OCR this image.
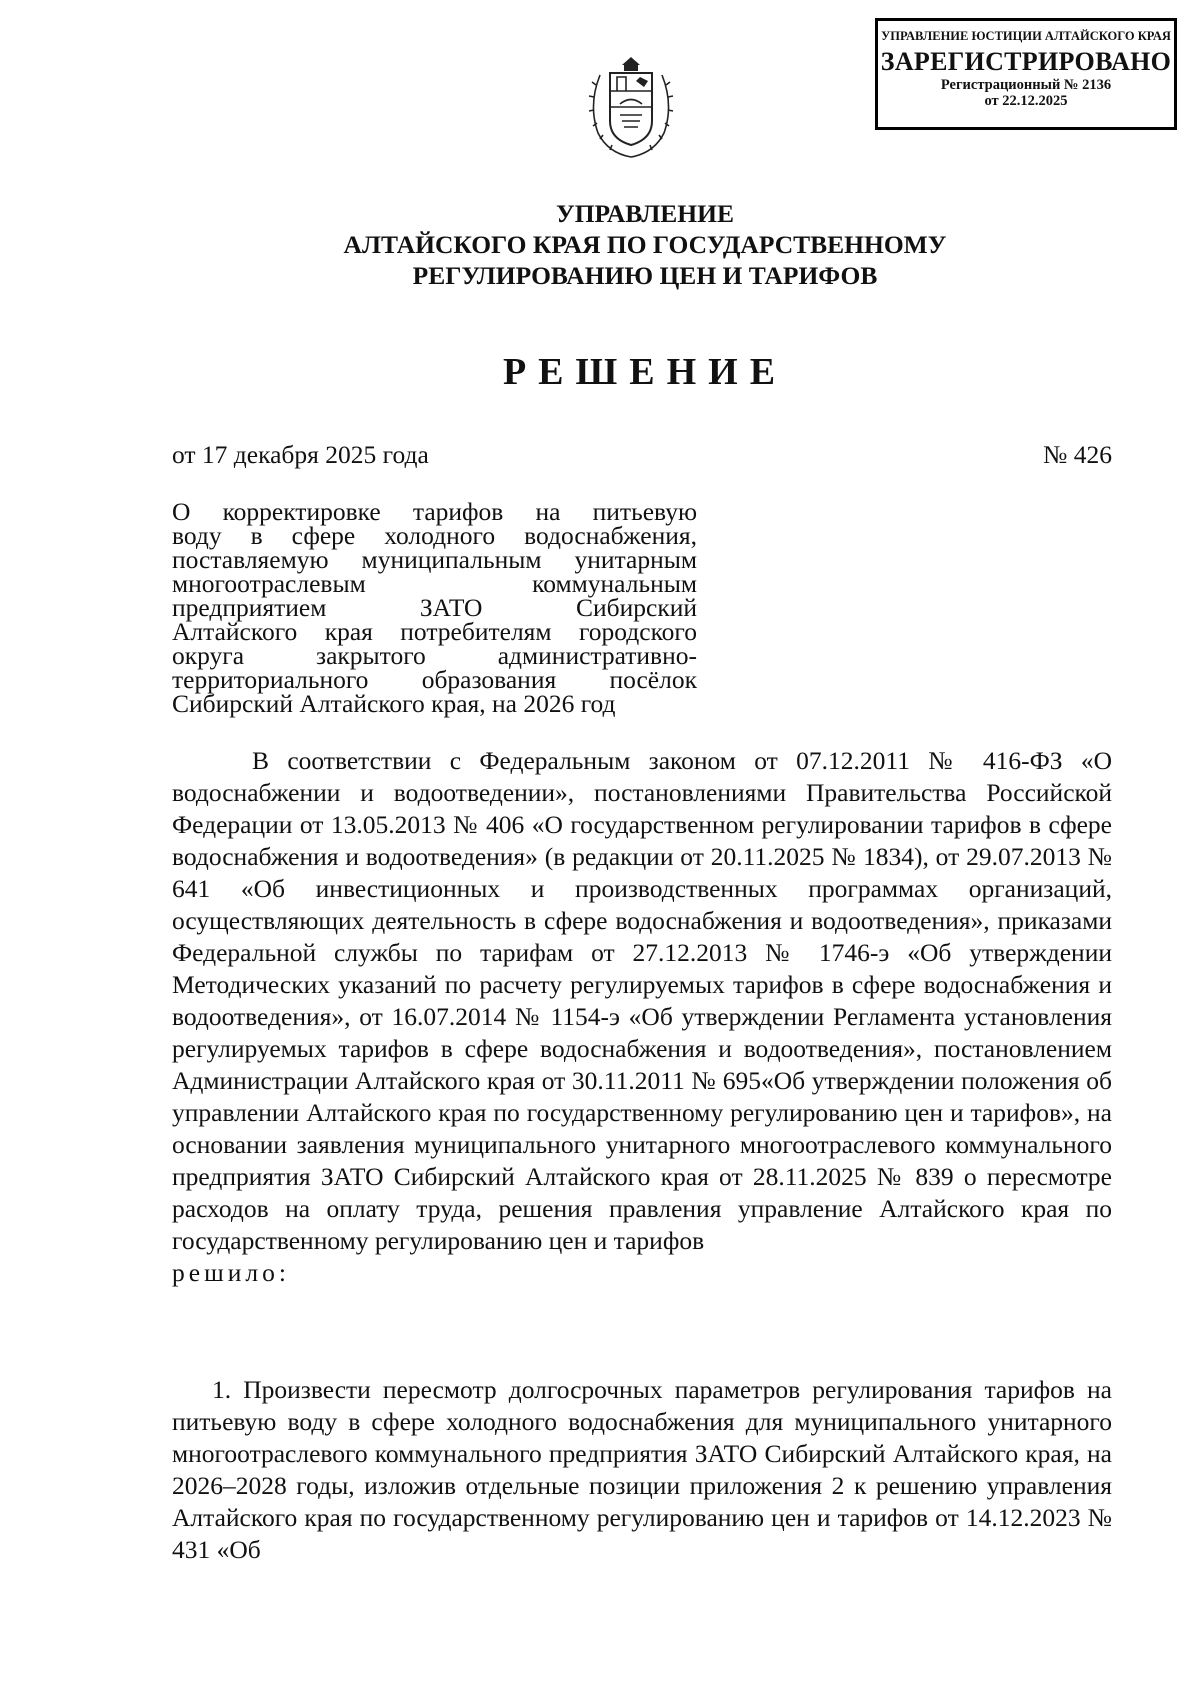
УПРАВЛЕНИЕ ЮСТИЦИИ АЛТАЙСКОГО КРАЯ
ЗАРЕГИСТРИРОВАНО
Регистрационный № 2136
от 22.12.2025
УПРАВЛЕНИЕ
АЛТАЙСКОГО КРАЯ ПО ГОСУДАРСТВЕННОМУ
РЕГУЛИРОВАНИЮ ЦЕН И ТАРИФОВ
РЕШЕНИЕ
от 17 декабря 2025 года	№ 426
О корректировке тарифов на питьевую
воду в сфере холодного водоснабжения,
поставляемую муниципальным унитарным
многоотраслевым коммунальным
предприятием ЗАТО Сибирский
Алтайского края потребителям городского
округа закрытого административно-
территориального образования посёлок
Сибирский Алтайского края, на 2026 год

В соответствии с Федеральным законом от 07.12.2011 № 416-ФЗ «О водоснабжении и водоотведении», постановлениями Правительства Российской Федерации от 13.05.2013 № 406 «О государственном регулировании тарифов в сфере водоснабжения и водоотведения» (в редакции от 20.11.2025 № 1834), от 29.07.2013 № 641 «Об инвестиционных и производственных программах организаций, осуществляющих деятельность в сфере водоснабжения и водоотведения», приказами Федеральной службы по тарифам от 27.12.2013 № 1746-э «Об утверждении Методических указаний по расчету регулируемых тарифов в сфере водоснабжения и водоотведения», от 16.07.2014 № 1154-э «Об утверждении Регламента установления регулируемых тарифов в сфере водоснабжения и водоотведения», постановлением Администрации Алтайского края от 30.11.2011 № 695«Об утверждении положения об управлении Алтайского края по государственному регулированию цен и тарифов», на основании заявления муниципального унитарного многоотраслевого коммунального предприятия ЗАТО Сибирский Алтайского края от 28.11.2025 № 839 о пересмотре расходов на оплату труда, решения правления управление Алтайского края по государственному регулированию цен и тарифов

решило:
1. Произвести пересмотр долгосрочных параметров регулирования тарифов на питьевую воду в сфере холодного водоснабжения для муниципального унитарного многоотраслевого коммунального предприятия ЗАТО Сибирский Алтайского края, на 2026–2028 годы, изложив отдельные позиции приложения 2 к решению управления Алтайского края по государственному регулированию цен и тарифов от 14.12.2023 № 431 «Об
